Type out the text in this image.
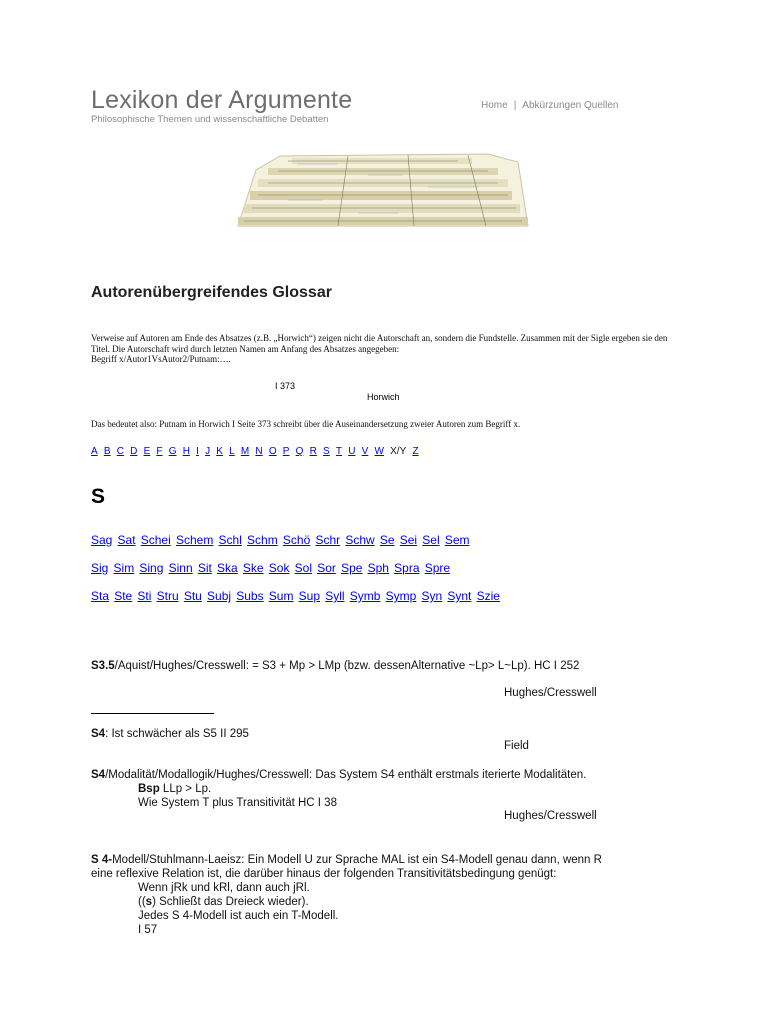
Lexikon der Argumente
Philosophische Themen und wissenschaftliche Debatten
Home | Abkürzungen Quellen
Autorenübergreifendes Glossar
Verweise auf Autoren am Ende des Absatzes (z.B. „Horwich“) zeigen nicht die Autorschaft an, sondern die Fundstelle. Zusammen mit der Sigle ergeben sie den Titel. Die Autorschaft wird durch letzten Namen am Anfang des Absatzes angegeben:
Begriff x/Autor1VsAutor2/Putnam:….
I 373
Horwich
Das bedeutet also: Putnam in Horwich I Seite 373 schreibt über die Auseinandersetzung zweier Autoren zum Begriff x.
A B C D E F G H I J K L M N O P Q R S T U V W X/Y Z
S
Sag Sat Schei Schem Schl Schm Schö Schr Schw Se Sei Sel Sem
Sig Sim Sing Sinn Sit Ska Ske Sok Sol Sor Spe Sph Spra Spre
Sta Ste Sti Stru Stu Subj Subs Sum Sup Syll Symb Symp Syn Synt Szie
S3.5/Aquist/Hughes/Cresswell: = S3 + Mp > LMp (bzw. dessenAlternative ~Lp> L~Lp). HC I 252
Hughes/Cresswell
S4: Ist schwächer als S5 II 295
Field
S4/Modalität/Modallogik/Hughes/Cresswell: Das System S4 enthält erstmals iterierte Modalitäten.
Bsp LLp > Lp.
Wie System T plus Transitivität HC I 38
Hughes/Cresswell
S 4-Modell/Stuhlmann-Laeisz: Ein Modell U zur Sprache MAL ist ein S4-Modell genau dann, wenn R
eine reflexive Relation ist, die darüber hinaus der folgenden Transitivitätsbedingung genügt:
Wenn jRk und kRl, dann auch jRl.
((s) Schließt das Dreieck wieder).
Jedes S 4-Modell ist auch ein T-Modell.
I 57
